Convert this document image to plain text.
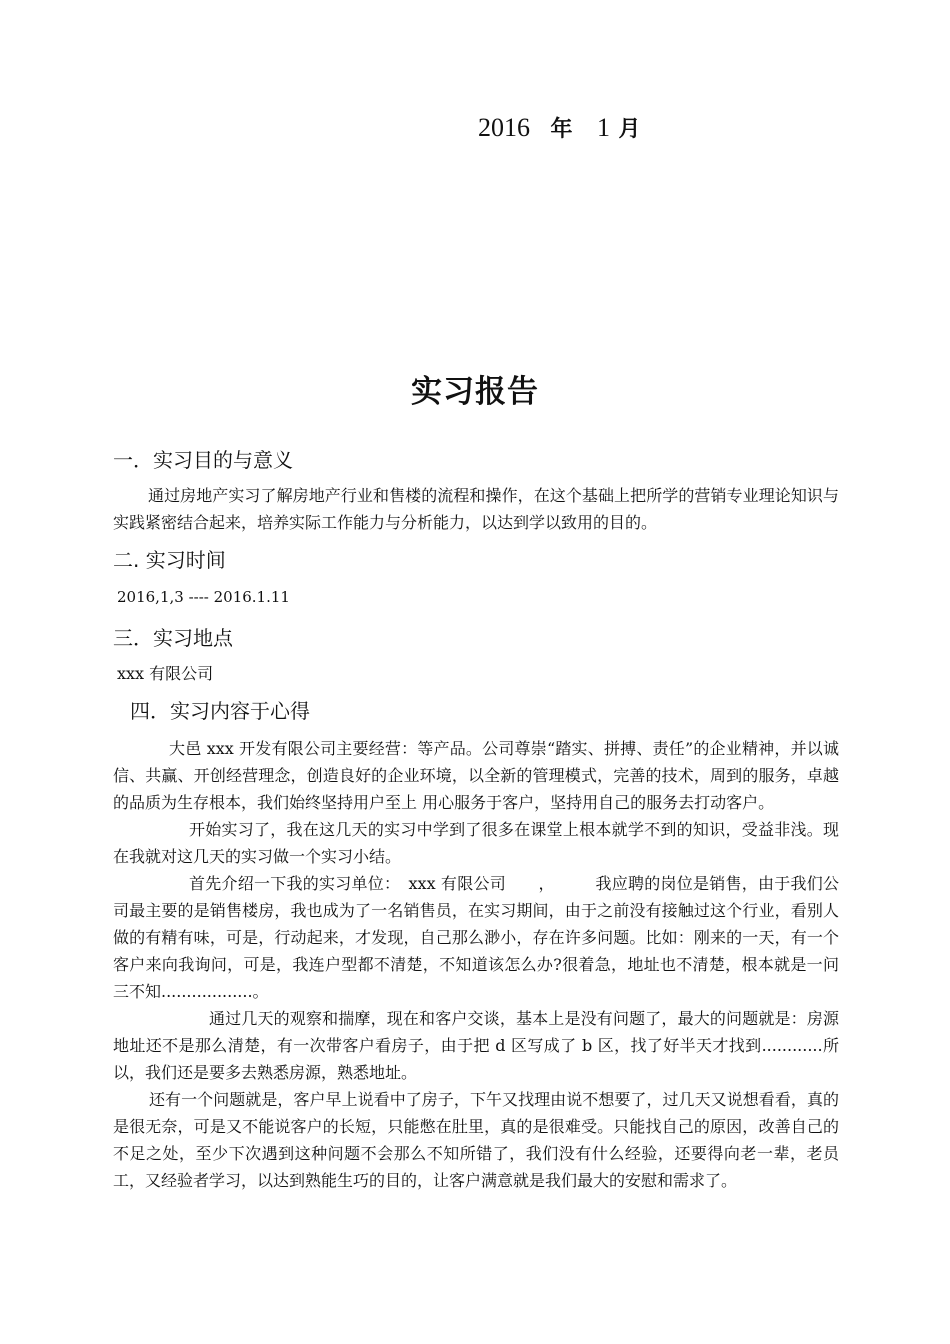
2016 年 1 月
实习报告
一．实习目的与意义

通过房地产实习了解房地产行业和售楼的流程和操作，在这个基础上把所学的营销专业理论知识与实践紧密结合起来，培养实际工作能力与分析能力，以达到学以致用的目的。

二. 实习时间

2016,1,3 ---- 2016.1.11

三．实习地点

xxx 有限公司

四．实习内容于心得

大邑 xxx 开发有限公司主要经营：等产品。公司尊崇“踏实、拼搏、责任”的企业精神，并以诚信、共赢、开创经营理念，创造良好的企业环境，以全新的管理模式，完善的技术，周到的服务，卓越的品质为生存根本，我们始终坚持用户至上 用心服务于客户，坚持用自己的服务去打动客户。

开始实习了，我在这几天的实习中学到了很多在课堂上根本就学不到的知识，受益非浅。现在我就对这几天的实习做一个实习小结。

首先介绍一下我的实习单位：　xxx 有限公司　　，　　　我应聘的岗位是销售，由于我们公司最主要的是销售楼房，我也成为了一名销售员，在实习期间，由于之前没有接触过这个行业，看别人做的有精有味，可是，行动起来，才发现，自己那么渺小，存在许多问题。比如：刚来的一天，有一个客户来向我询问，可是，我连户型都不清楚，不知道该怎么办?很着急，地址也不清楚，根本就是一问三不知..................。

通过几天的观察和揣摩，现在和客户交谈，基本上是没有问题了，最大的问题就是：房源地址还不是那么清楚，有一次带客户看房子，由于把 d 区写成了 b 区，找了好半天才找到............所以，我们还是要多去熟悉房源，熟悉地址。

还有一个问题就是，客户早上说看中了房子，下午又找理由说不想要了，过几天又说想看看，真的是很无奈，可是又不能说客户的长短，只能憋在肚里，真的是很难受。只能找自己的原因，改善自己的不足之处，至少下次遇到这种问题不会那么不知所错了，我们没有什么经验，还要得向老一辈，老员工，又经验者学习，以达到熟能生巧的目的，让客户满意就是我们最大的安慰和需求了。
